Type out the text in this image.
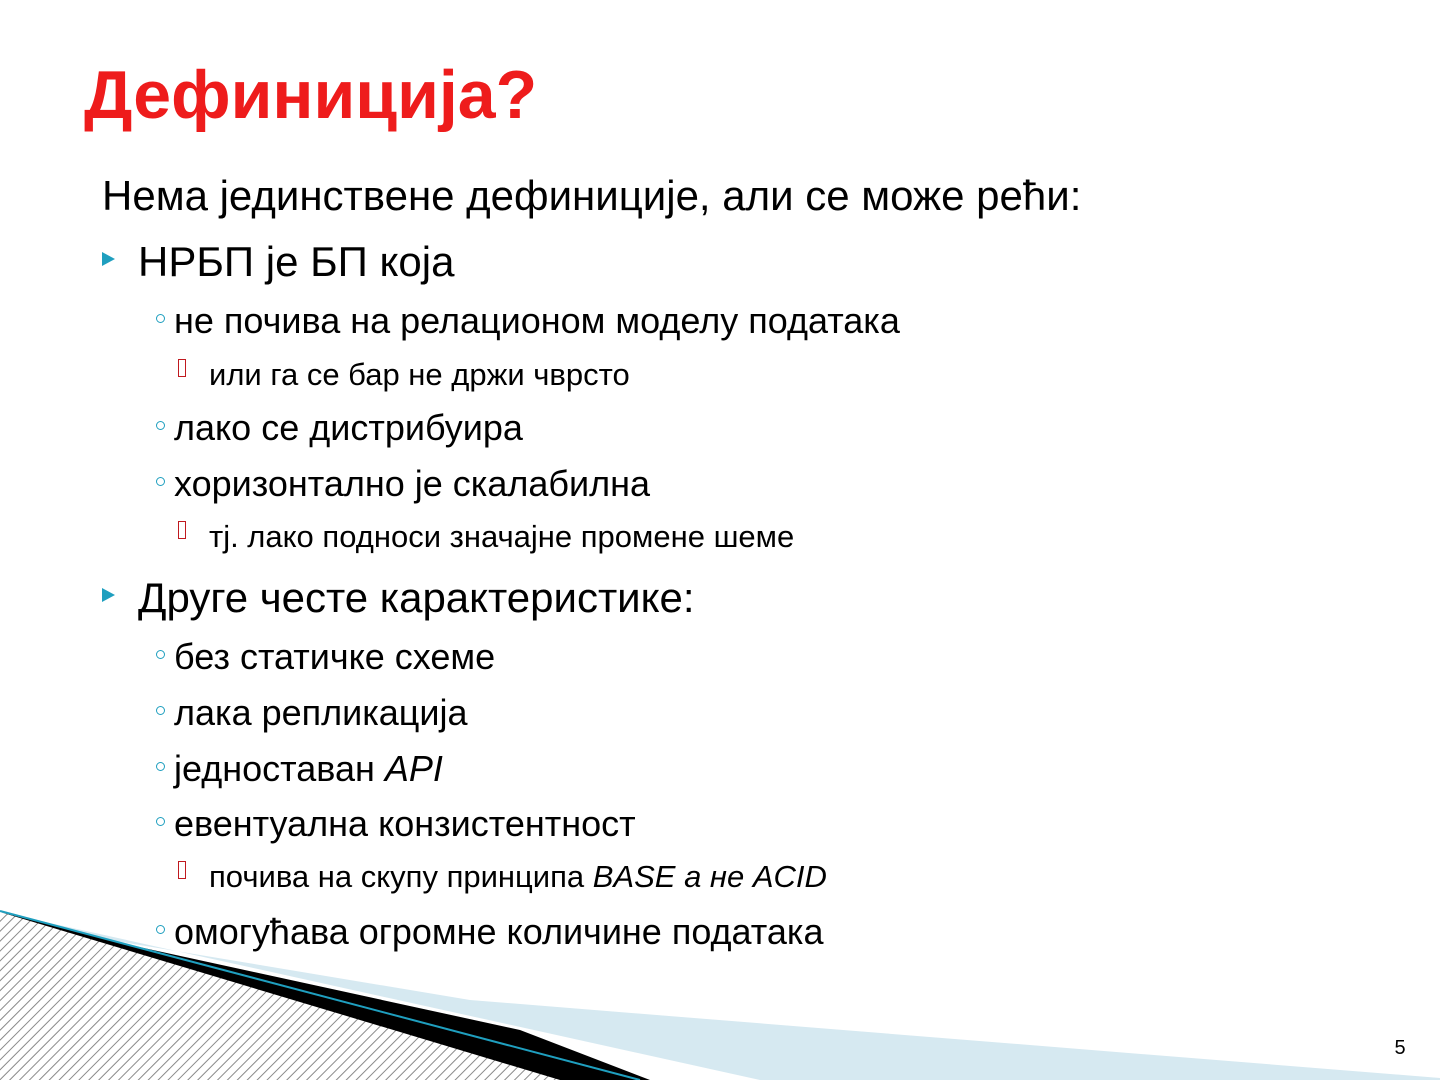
Дефиниција?
Нема јединствене дефиниције, али се може рећи:
НРБП је БП која
не почива на релационом моделу података
или га се бар не држи чврсто
лако се дистрибуира
хоризонтално је скалабилна
тј. лако подноси значајне промене шеме
Друге честе карактеристике:
без статичке схеме
лака репликација
једноставан API
евентуална конзистентност
почива на скупу принципа BASE а не ACID
омогућава огромне количине података
5
